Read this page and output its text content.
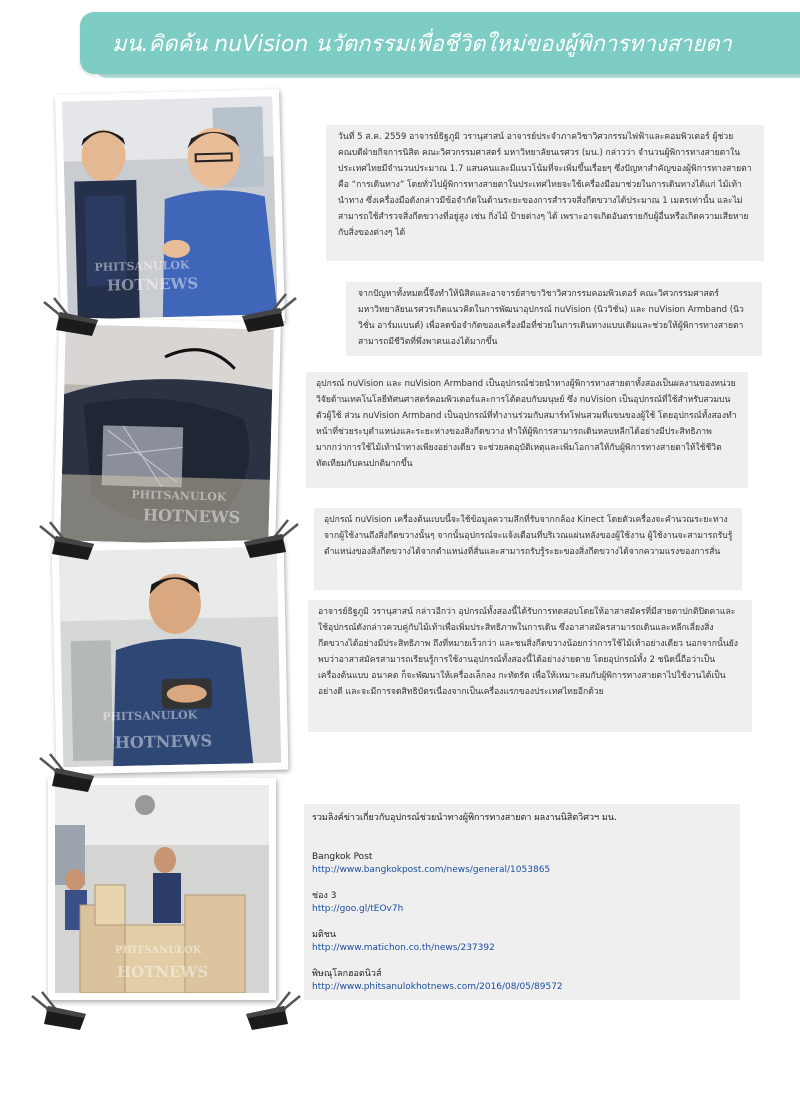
มน.คิดค้น nuVision นวัตกรรมเพื่อชีวิตใหม่ของผู้พิการทางสายตา
PHITSANULOK
HOTNEWS
PHITSANULOK
HOTNEWS
PHITSANULOK
HOTNEWS
PHITSANULOK
HOTNEWS

วันที่ 5 ส.ค. 2559 อาจารย์ธิฐภูมิ วรานุสาสน์ อาจารย์ประจำภาควิชาวิศวกรรมไฟฟ้าและคอมพิวเตอร์ ผู้ช่วยคณบดีฝ่ายกิจการนิสิต คณะวิศวกรรมศาสตร์ มหาวิทยาลัยนเรศวร (มน.) กล่าวว่า จำนวนผู้พิการทางสายตาในประเทศไทยมีจำนวนประมาณ 1.7 แสนคนและมีแนวโน้มที่จะเพิ่มขึ้นเรื่อยๆ ซึ่งปัญหาสำคัญของผู้พิการทางสายตาคือ “การเดินทาง” โดยทั่วไปผู้พิการทางสายตาในประเทศไทยจะใช้เครื่องมือมาช่วยในการเดินทางได้แก่ ไม้เท้านำทาง ซึ่งเครื่องมือดังกล่าวมีข้อจำกัดในด้านระยะของการสำรวจสิ่งกีดขวางได้ประมาณ 1 เมตรเท่านั้น และไม่สามารถใช้สำรวจสิ่งกีดขวางที่อยู่สูง เช่น กิ่งไม้ ป้ายต่างๆ ได้ เพราะอาจเกิดอันตรายกับผู้อื่นหรือเกิดความเสียหายกับสิ่งของต่างๆ ได้

จากปัญหาทั้งหมดนี้จึงทำให้นิสิตและอาจารย์สาขาวิชาวิศวกรรมคอมพิวเตอร์ คณะวิศวกรรมศาสตร์ มหาวิทยาลัยนเรศวรเกิดแนวคิดในการพัฒนาอุปกรณ์ nuVision (นิววิชั่น) และ nuVision Armband (นิววิชั่น อาร์มแบนด์) เพื่อลดข้อจำกัดของเครื่องมือที่ช่วยในการเดินทางแบบเดิมและช่วยให้ผู้พิการทางสายตาสามารถมีชีวิตที่พึ่งพาตนเองได้มากขึ้น

อุปกรณ์ nuVision และ nuVision Armband เป็นอุปกรณ์ช่วยนำทางผู้พิการทางสายตาทั้งสองเป็นผลงานของหน่วยวิจัยด้านเทคโนโลยีทัศนศาสตร์คอมพิวเตอร์และการโต้ตอบกับมนุษย์ ซึ่ง nuVision เป็นอุปกรณ์ที่ใช้สำหรับสวมบนตัวผู้ใช้ ส่วน nuVision Armband เป็นอุปกรณ์ที่ทำงานร่วมกับสมาร์ทโฟนสวมที่แขนของผู้ใช้ โดยอุปกรณ์ทั้งสองทำหน้าที่ช่วยระบุตำแหน่งและระยะห่างของสิ่งกีดขวาง ทำให้ผู้พิการสามารถเดินหลบหลีกได้อย่างมีประสิทธิภาพมากกว่าการใช้ไม้เท้านำทางเพียงอย่างเดียว จะช่วยลดอุบัติเหตุและเพิ่มโอกาสให้กับผู้พิการทางสายตาให้ใช้ชีวิตทัดเทียมกับคนปกติมากขึ้น

อุปกรณ์ nuVision เครื่องต้นแบบนี้จะใช้ข้อมูลความลึกที่รับจากกล้อง Kinect โดยตัวเครื่องจะคำนวณระยะทางจากผู้ใช้งานถึงสิ่งกีดขวางนั้นๆ จากนั้นอุปกรณ์จะแจ้งเตือนที่บริเวณแผ่นหลังของผู้ใช้งาน ผู้ใช้งานจะสามารถรับรู้ตำแหน่งของสิ่งกีดขวางได้จากตำแหน่งที่สั่นและสามารถรับรู้ระยะของสิ่งกีดขวางได้จากความแรงของการสั่น

อาจารย์ธิฐภูมิ วรานุสาสน์ กล่าวอีกว่า อุปกรณ์ทั้งสองนี้ได้รับการทดสอบโดยให้อาสาสมัครที่มีสายตาปกติปิดตาและใช้อุปกรณ์ดังกล่าวควบคู่กับไม้เท้าเพื่อเพิ่มประสิทธิภาพในการเดิน ซึ่งอาสาสมัครสามารถเดินและหลีกเลี่ยงสิ่งกีดขวางได้อย่างมีประสิทธิภาพ ถึงที่หมายเร็วกว่า และชนสิ่งกีดขวางน้อยกว่าการใช้ไม้เท้าอย่างเดียว นอกจากนั้นยังพบว่าอาสาสมัครสามารถเรียนรู้การใช้งานอุปกรณ์ทั้งสองนี้ได้อย่างง่ายดาย โดยอุปกรณ์ทั้ง 2 ชนิดนี้ถือว่าเป็นเครื่องต้นแบบ อนาคต ก็จะพัฒนาให้เครื่องเล็กลง กะทัดรัด เพื่อให้เหมาะสมกับผู้พิการทางสายตาไปใช้งานได้เป็นอย่างดี และจะมีการจดสิทธิบัตรเนื่องจากเป็นเครื่องแรกของประเทศไทยอีกด้วย

รวมลิงค์ข่าวเกี่ยวกับอุปกรณ์ช่วยนำทางผู้พิการทางสายตา ผลงานนิสิตวิศวฯ มน.
Bangkok Post
http://www.bangkokpost.com/news/general/1053865
ช่อง 3
http://goo.gl/tEOv7h
มติชน
http://www.matichon.co.th/news/237392
พิษณุโลกฮอตนิวส์
http://www.phitsanulokhotnews.com/2016/08/05/89572
